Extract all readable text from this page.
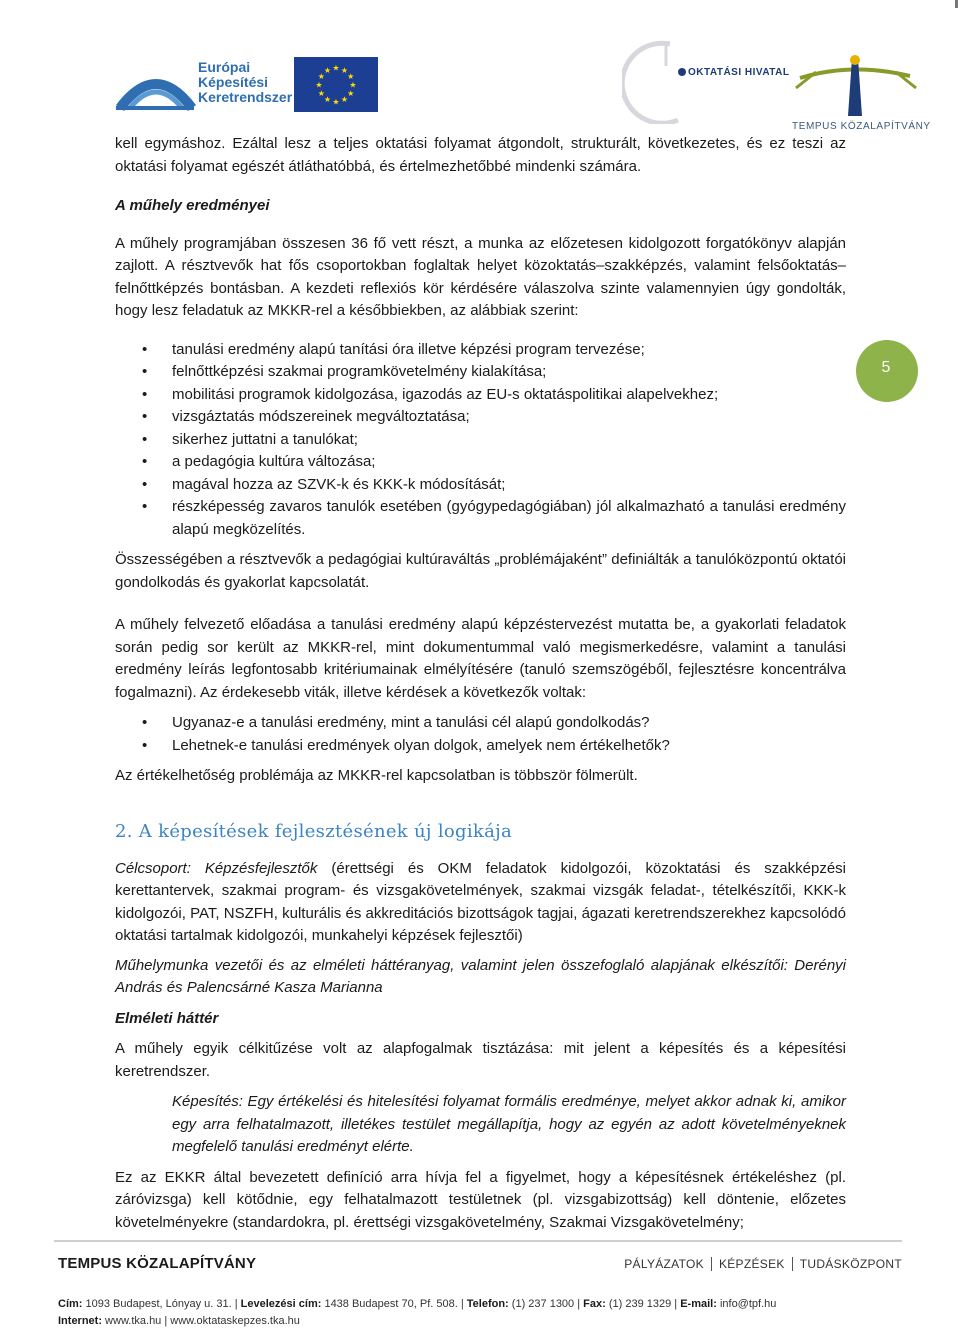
Európai
Képesítési
Keretrendszer
★ ★
★
★
★
★
★
★
★
★
★
★	OKTATÁSI HIVATAL
TEMPUS KÖZALAPÍTVÁNY
5

kell egymáshoz. Ezáltal lesz a teljes oktatási folyamat átgondolt, strukturált, következetes, és ez teszi az oktatási folyamat egészét átláthatóbbá, és értelmezhetőbbé mindenki számára.

A műhely eredményei

A műhely programjában összesen 36 fő vett részt, a munka az előzetesen kidolgozott forgatókönyv alapján zajlott. A résztvevők hat fős csoportokban foglaltak helyet közoktatás–szakképzés, valamint felsőoktatás–felnőttképzés bontásban. A kezdeti reflexiós kör kérdésére válaszolva szinte valamennyien úgy gondolták, hogy lesz feladatuk az MKKR-rel a későbbiekben, az alábbiak szerint:

• tanulási eredmény alapú tanítási óra illetve képzési program tervezése;
• felnőttképzési szakmai programkövetelmény kialakítása;
• mobilitási programok kidolgozása, igazodás az EU-s oktatáspolitikai alapelvekhez;
• vizsgáztatás módszereinek megváltoztatása;
• sikerhez juttatni a tanulókat;
• a pedagógia kultúra változása;
• magával hozza az SZVK-k és KKK-k módosítását;
• részképesség zavaros tanulók esetében (gyógypedagógiában) jól alkalmazható a tanulási eredmény alapú megközelítés.

Összességében a résztvevők a pedagógiai kultúraváltás „problémájaként” definiálták a tanulóközpontú oktatói gondolkodás és gyakorlat kapcsolatát.

A műhely felvezető előadása a tanulási eredmény alapú képzéstervezést mutatta be, a gyakorlati feladatok során pedig sor került az MKKR-rel, mint dokumentummal való megismerkedésre, valamint a tanulási eredmény leírás legfontosabb kritériumainak elmélyítésére (tanuló szemszögéből, fejlesztésre koncentrálva fogalmazni). Az érdekesebb viták, illetve kérdések a következők voltak:

• Ugyanaz-e a tanulási eredmény, mint a tanulási cél alapú gondolkodás?
• Lehetnek-e tanulási eredmények olyan dolgok, amelyek nem értékelhetők?

Az értékelhetőség problémája az MKKR-rel kapcsolatban is többször fölmerült.

2. A képesítések fejlesztésének új logikája

Célcsoport: Képzésfejlesztők (érettségi és OKM feladatok kidolgozói, közoktatási és szakképzési kerettantervek, szakmai program- és vizsgakövetelmények, szakmai vizsgák feladat-, tételkészítői, KKK-k kidolgozói, PAT, NSZFH, kulturális és akkreditációs bizottságok tagjai, ágazati keretrendszerekhez kapcsolódó oktatási tartalmak kidolgozói, munkahelyi képzések fejlesztői)

Műhelymunka vezetői és az elméleti háttéranyag, valamint jelen összefoglaló alapjának elkészítői: Derényi András és Palencsárné Kasza Marianna

Elméleti háttér

A műhely egyik célkitűzése volt az alapfogalmak tisztázása: mit jelent a képesítés és a képesítési keretrendszer.

Képesítés: Egy értékelési és hitelesítési folyamat formális eredménye, melyet akkor adnak ki, amikor egy arra felhatalmazott, illetékes testület megállapítja, hogy az egyén az adott követelményeknek megfelelő tanulási eredményt elérte.

Ez az EKKR által bevezetett definíció arra hívja fel a figyelmet, hogy a képesítésnek értékeléshez (pl. záróvizsga) kell kötődnie, egy felhatalmazott testületnek (pl. vizsgabizottság) kell döntenie, előzetes követelményekre (standardokra, pl. érettségi vizsgakövetelmény, Szakmai Vizsgakövetelmény;

TEMPUS KÖZALAPÍTVÁNY	PÁLYÁZATOK KÉPZÉSEK TUDÁSKÖZPONT
Cím: 1093 Budapest, Lónyay u. 31. | Levelezési cím: 1438 Budapest 70, Pf. 508. | Telefon: (1) 237 1300 | Fax: (1) 239 1329 | E-mail: info@tpf.hu
Internet: www.tka.hu | www.oktataskepzes.tka.hu
